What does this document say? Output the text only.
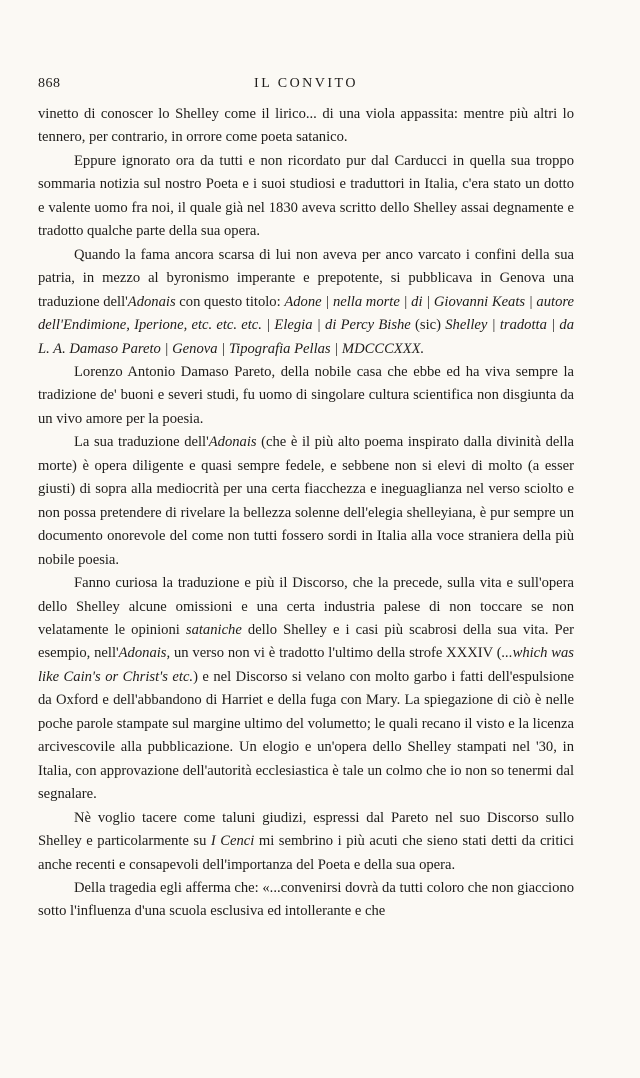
868	IL CONVITO

vinetto di conoscer lo Shelley come il lirico... di una viola appassita: mentre più altri lo tennero, per contrario, in orrore come poeta satanico.

Eppure ignorato ora da tutti e non ricordato pur dal Carducci in quella sua troppo sommaria notizia sul nostro Poeta e i suoi studiosi e traduttori in Italia, c'era stato un dotto e valente uomo fra noi, il quale già nel 1830 aveva scritto dello Shelley assai degnamente e tradotto qualche parte della sua opera.

Quando la fama ancora scarsa di lui non aveva per anco varcato i confini della sua patria, in mezzo al byronismo imperante e prepotente, si pubblicava in Genova una traduzione dell'Adonais con questo titolo: Adone | nella morte | di | Giovanni Keats | autore dell'Endimione, Iperione, etc. etc. etc. | Elegia | di Percy Bishe (sic) Shelley | tradotta | da L. A. Damaso Pareto | Genova | Tipografia Pellas | MDCCCXXX.

Lorenzo Antonio Damaso Pareto, della nobile casa che ebbe ed ha viva sempre la tradizione de' buoni e severi studi, fu uomo di singolare cultura scientifica non disgiunta da un vivo amore per la poesia.

La sua traduzione dell'Adonais (che è il più alto poema inspirato dalla divinità della morte) è opera diligente e quasi sempre fedele, e sebbene non si elevi di molto (a esser giusti) di sopra alla mediocrità per una certa fiacchezza e ineguaglianza nel verso sciolto e non possa pretendere di rivelare la bellezza solenne dell'elegia shelleyiana, è pur sempre un documento onorevole del come non tutti fossero sordi in Italia alla voce straniera della più nobile poesia.

Fanno curiosa la traduzione e più il Discorso, che la precede, sulla vita e sull'opera dello Shelley alcune omissioni e una certa industria palese di non toccare se non velatamente le opinioni sataniche dello Shelley e i casi più scabrosi della sua vita. Per esempio, nell'Adonais, un verso non vi è tradotto l'ultimo della strofe XXXIV (...which was like Cain's or Christ's etc.) e nel Discorso si velano con molto garbo i fatti dell'espulsione da Oxford e dell'abbandono di Harriet e della fuga con Mary. La spiegazione di ciò è nelle poche parole stampate sul margine ultimo del volumetto; le quali recano il visto e la licenza arcivescovile alla pubblicazione. Un elogio e un'opera dello Shelley stampati nel '30, in Italia, con approvazione dell'autorità ecclesiastica è tale un colmo che io non so tenermi dal segnalare.

Nè voglio tacere come taluni giudizi, espressi dal Pareto nel suo Discorso sullo Shelley e particolarmente su I Cenci mi sembrino i più acuti che sieno stati detti da critici anche recenti e consapevoli dell'importanza del Poeta e della sua opera.

Della tragedia egli afferma che: «...convenirsi dovrà da tutti coloro che non giacciono sotto l'influenza d'una scuola esclusiva ed intollerante e che
